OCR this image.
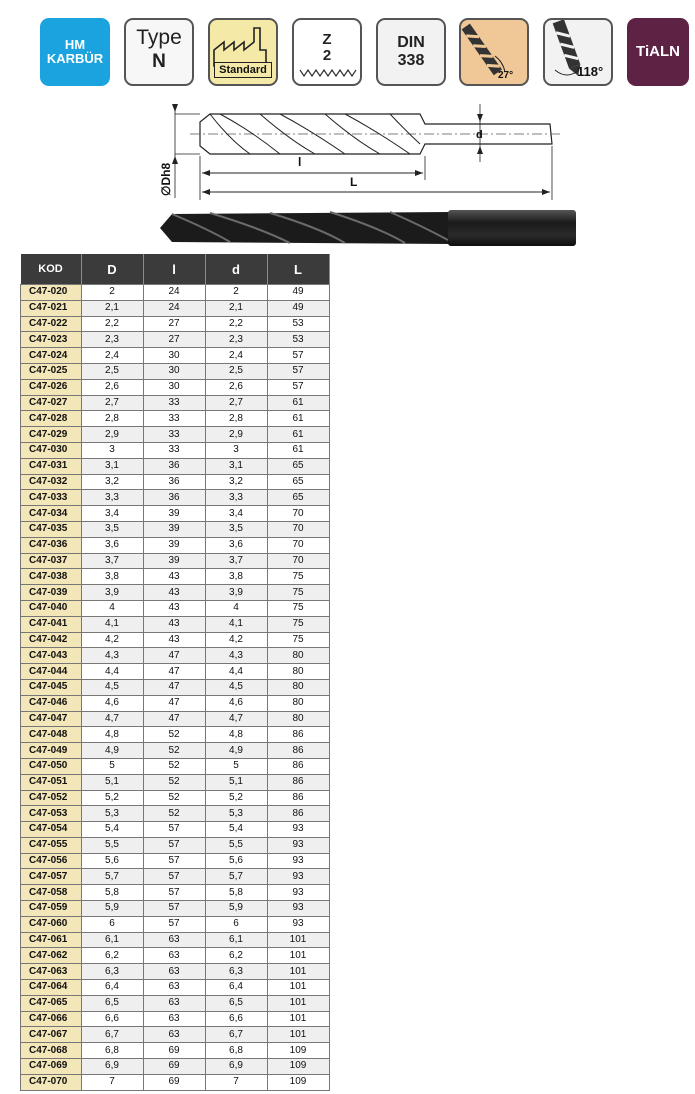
HM
KARBÜR
Type
N	Standard
Z
2
DIN
338
27°	118°
TiALN
∅Dh8
d
l
L
KOD	D	l	d	L
C47-020	2	24	2	49
C47-021	2,1	24	2,1	49
C47-022	2,2	27	2,2	53
C47-023	2,3	27	2,3	53
C47-024	2,4	30	2,4	57
C47-025	2,5	30	2,5	57
C47-026	2,6	30	2,6	57
C47-027	2,7	33	2,7	61
C47-028	2,8	33	2,8	61
C47-029	2,9	33	2,9	61
C47-030	3	33	3	61
C47-031	3,1	36	3,1	65
C47-032	3,2	36	3,2	65
C47-033	3,3	36	3,3	65
C47-034	3,4	39	3,4	70
C47-035	3,5	39	3,5	70
C47-036	3,6	39	3,6	70
C47-037	3,7	39	3,7	70
C47-038	3,8	43	3,8	75
C47-039	3,9	43	3,9	75
C47-040	4	43	4	75
C47-041	4,1	43	4,1	75
C47-042	4,2	43	4,2	75
C47-043	4,3	47	4,3	80
C47-044	4,4	47	4,4	80
C47-045	4,5	47	4,5	80
C47-046	4,6	47	4,6	80
C47-047	4,7	47	4,7	80
C47-048	4,8	52	4,8	86
C47-049	4,9	52	4,9	86
C47-050	5	52	5	86
C47-051	5,1	52	5,1	86
C47-052	5,2	52	5,2	86
C47-053	5,3	52	5,3	86
C47-054	5,4	57	5,4	93
C47-055	5,5	57	5,5	93
C47-056	5,6	57	5,6	93
C47-057	5,7	57	5,7	93
C47-058	5,8	57	5,8	93
C47-059	5,9	57	5,9	93
C47-060	6	57	6	93
C47-061	6,1	63	6,1	101
C47-062	6,2	63	6,2	101
C47-063	6,3	63	6,3	101
C47-064	6,4	63	6,4	101
C47-065	6,5	63	6,5	101
C47-066	6,6	63	6,6	101
C47-067	6,7	63	6,7	101
C47-068	6,8	69	6,8	109
C47-069	6,9	69	6,9	109
C47-070	7	69	7	109
